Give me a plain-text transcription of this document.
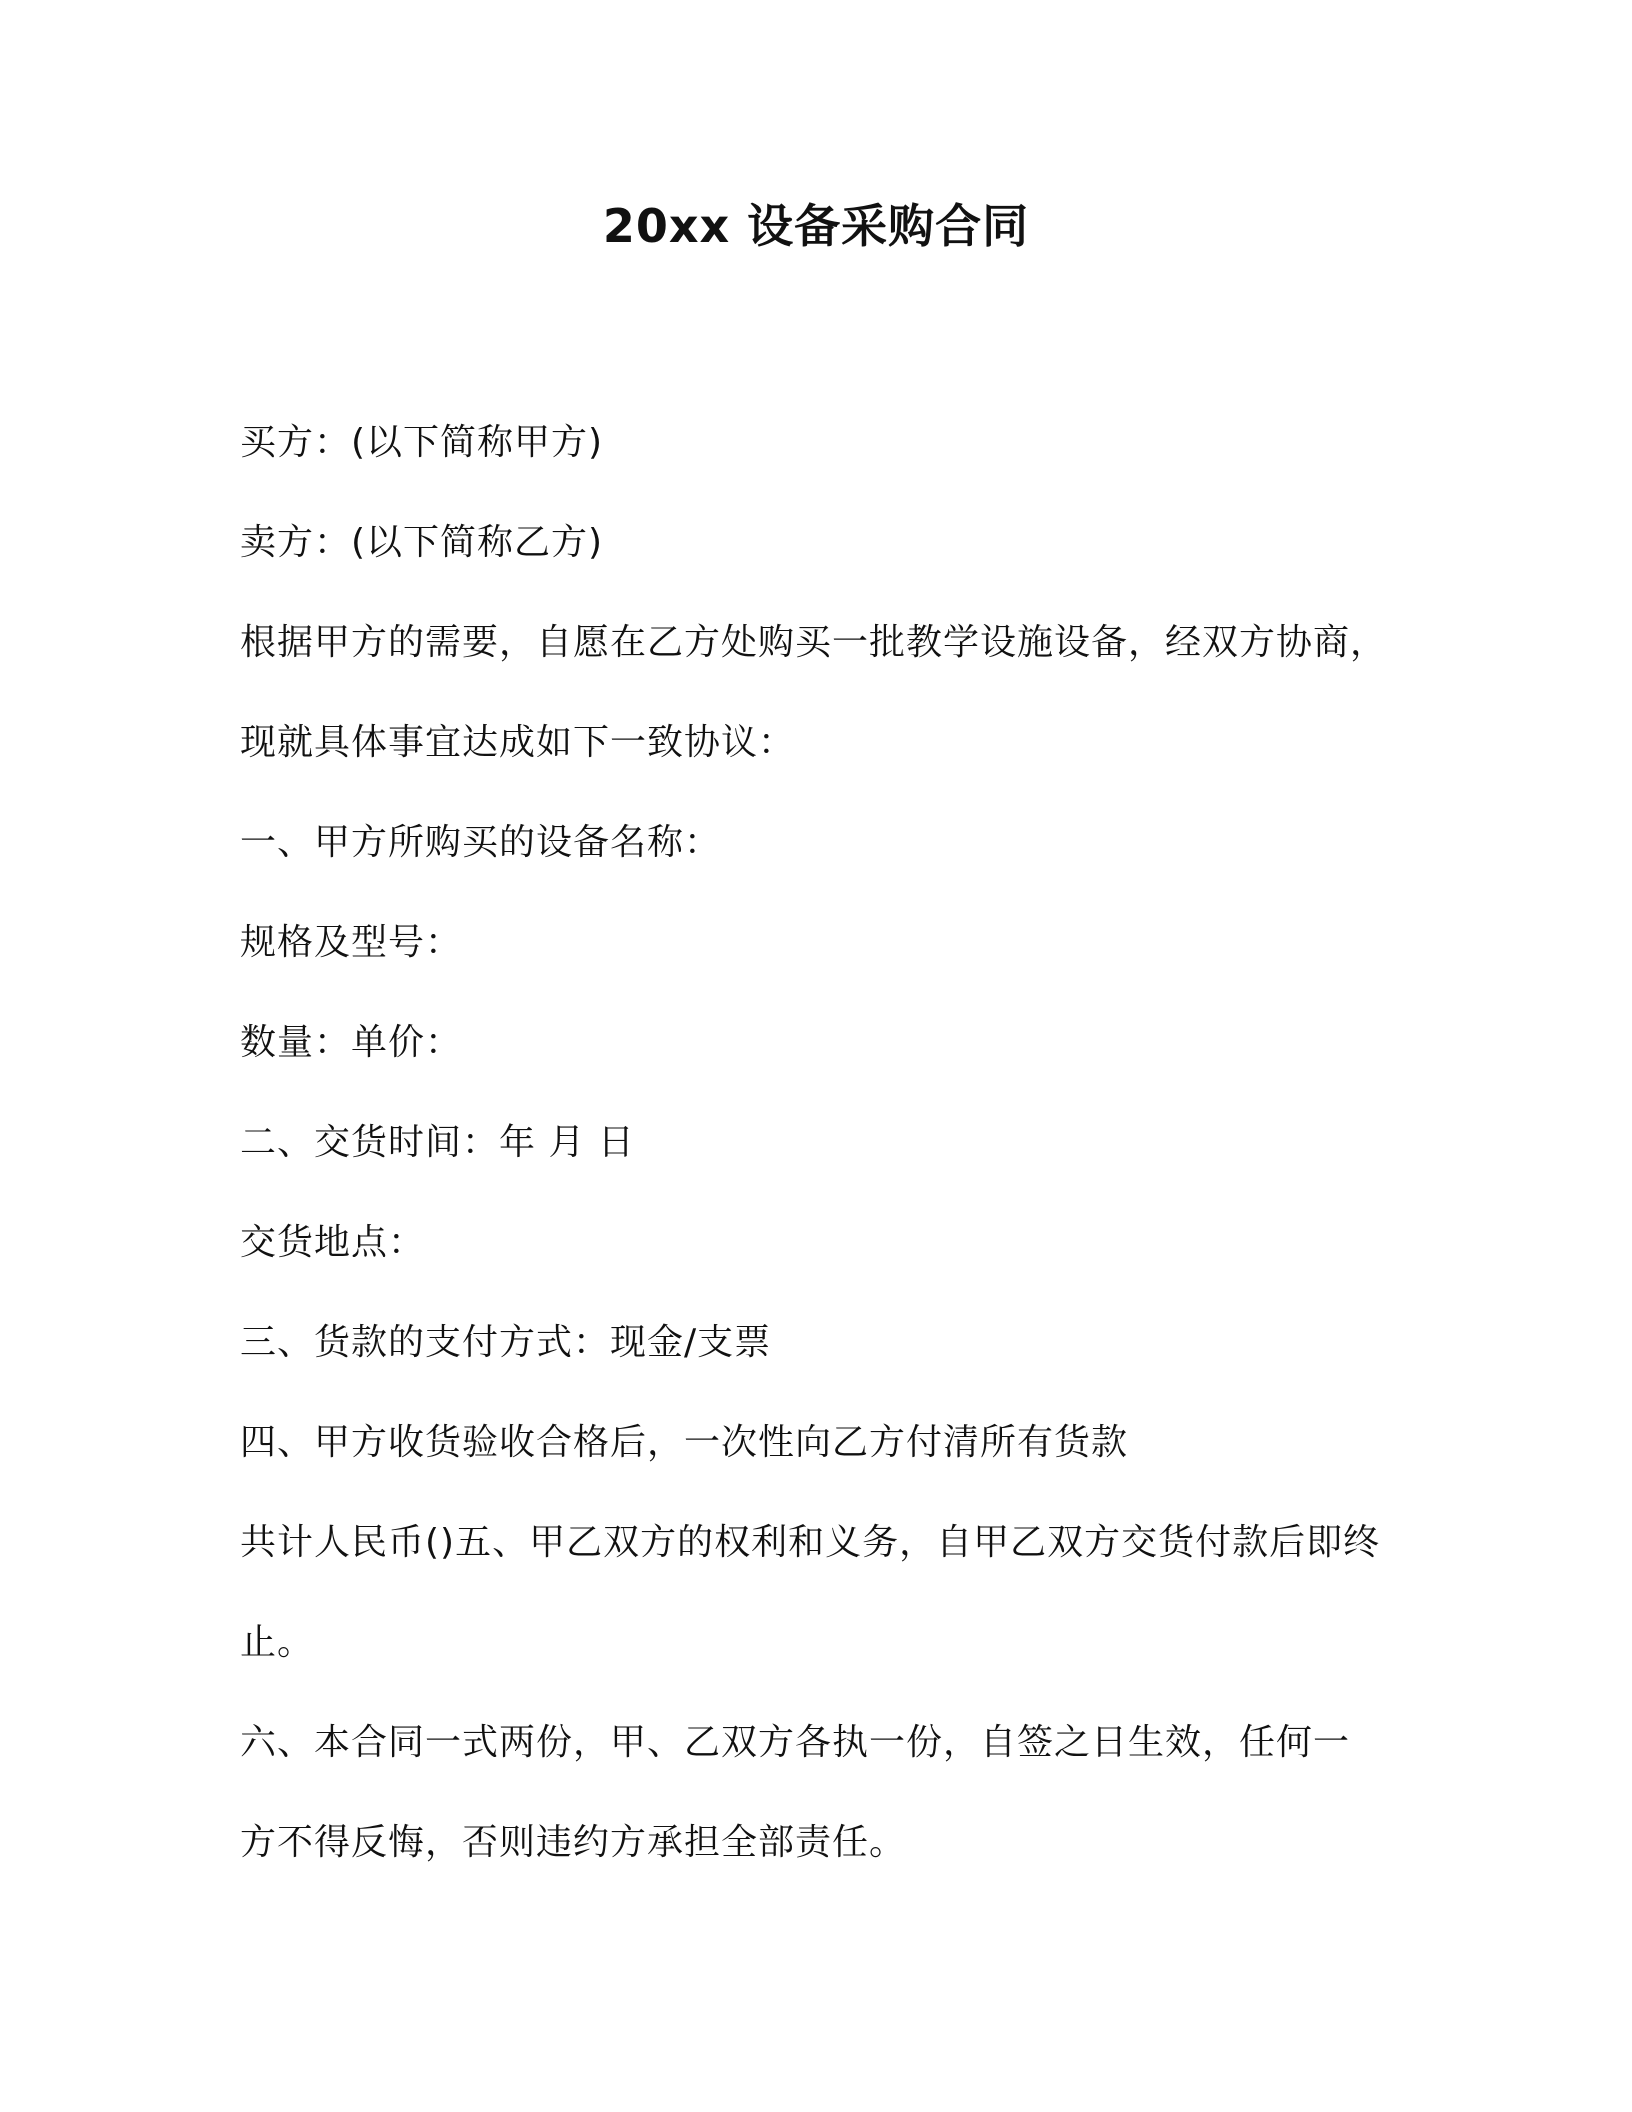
20xx 设备采购合同
买方：(以下简称甲方)
卖方：(以下简称乙方)
根据甲方的需要，自愿在乙方处购买一批教学设施设备，经双方协商，
现就具体事宜达成如下一致协议：
一、甲方所购买的设备名称：
规格及型号：
数量：单价：
二、交货时间：年 月 日
交货地点：
三、货款的支付方式：现金/支票
四、甲方收货验收合格后，一次性向乙方付清所有货款
共计人民币()五、甲乙双方的权利和义务，自甲乙双方交货付款后即终
止。
六、本合同一式两份，甲、乙双方各执一份，自签之日生效，任何一
方不得反悔，否则违约方承担全部责任。
